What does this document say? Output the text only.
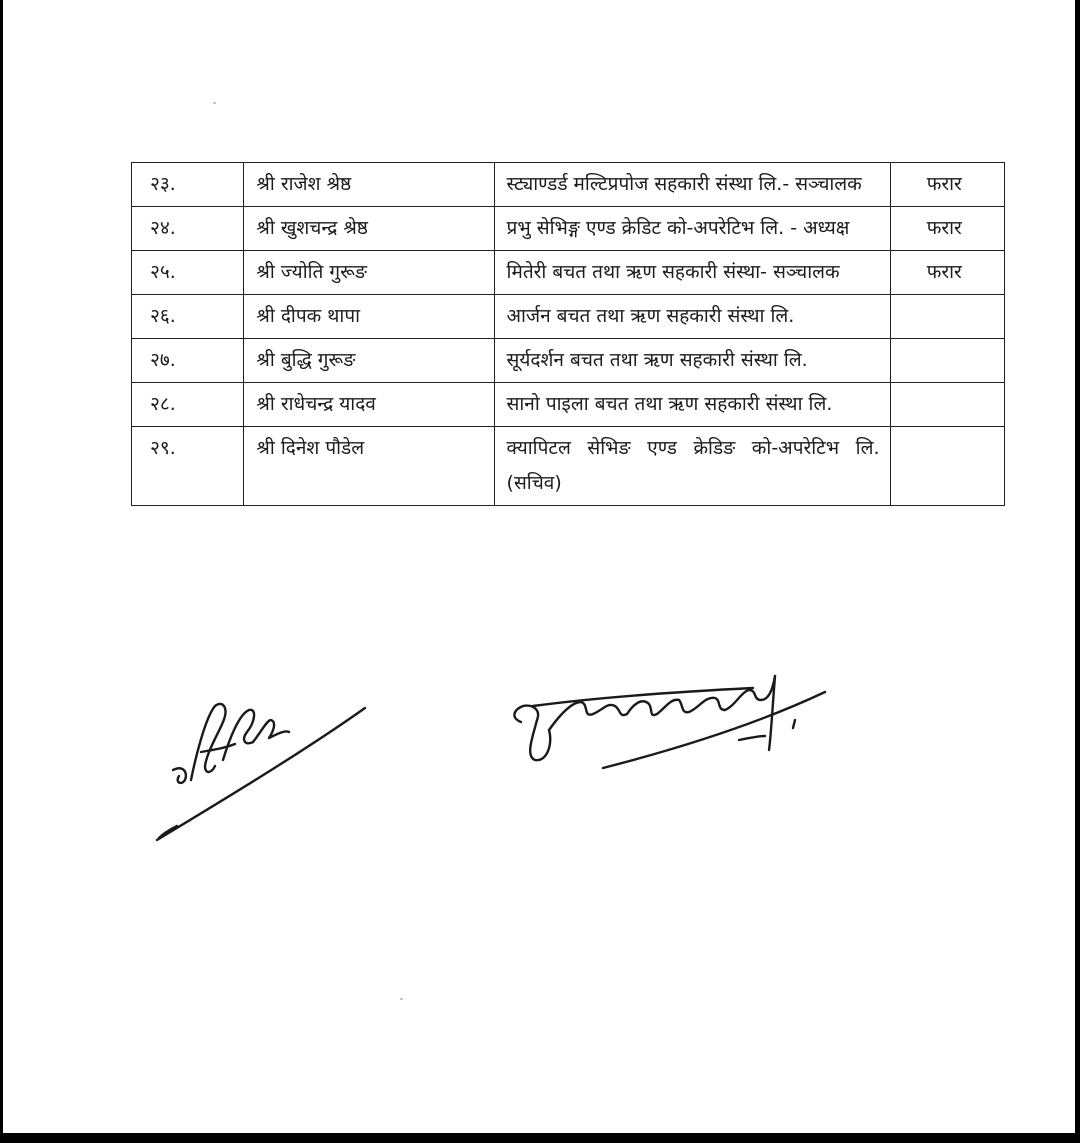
२३.	श्री राजेश श्रेष्ठ	स्ट्याण्डर्ड मल्टिप्रपोज सहकारी संस्था लि.- सञ्चालक	फरार
२४.	श्री खुशचन्द्र श्रेष्ठ	प्रभु सेभिङ्ग एण्ड क्रेडिट को-अपरेटिभ लि. - अध्यक्ष	फरार
२५.	श्री ज्योति गुरूङ	मितेरी बचत तथा ऋण सहकारी संस्था- सञ्चालक	फरार
२६.	श्री दीपक थापा	आर्जन बचत तथा ऋण सहकारी संस्था लि.	
२७.	श्री बुद्धि गुरूङ	सूर्यदर्शन बचत तथा ऋण सहकारी संस्था लि.	
२८.	श्री राधेचन्द्र यादव	सानो पाइला बचत तथा ऋण सहकारी संस्था लि.	
२९.	श्री दिनेश पौडेल	क्यापिटल सेभिङ एण्ड क्रेडिङ को-अपरेटिभ लि. (सचिव)	
